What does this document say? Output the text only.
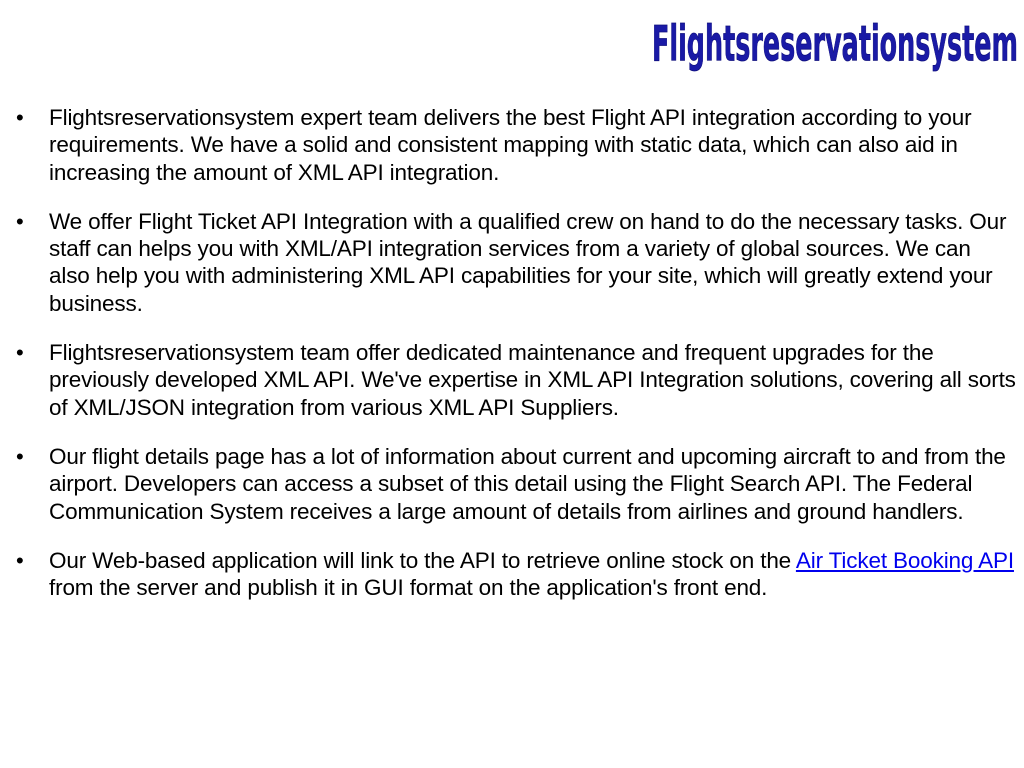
Flightsreservationsystem
• Flightsreservationsystem expert team delivers the best Flight API integration according to your requirements. We have a solid and consistent mapping with static data, which can also aid in increasing the amount of XML API integration.
• We offer Flight Ticket API Integration with a qualified crew on hand to do the necessary tasks. Our staff can helps you with XML/API integration services from a variety of global sources. We can also help you with administering XML API capabilities for your site, which will greatly extend your business.
• Flightsreservationsystem team offer dedicated maintenance and frequent upgrades for the previously developed XML API. We've expertise in XML API Integration solutions, covering all sorts of XML/JSON integration from various XML API Suppliers.
• Our flight details page has a lot of information about current and upcoming aircraft to and from the airport. Developers can access a subset of this detail using the Flight Search API. The Federal Communication System receives a large amount of details from airlines and ground handlers.
• Our Web-based application will link to the API to retrieve online stock on the Air Ticket Booking API from the server and publish it in GUI format on the application's front end.
